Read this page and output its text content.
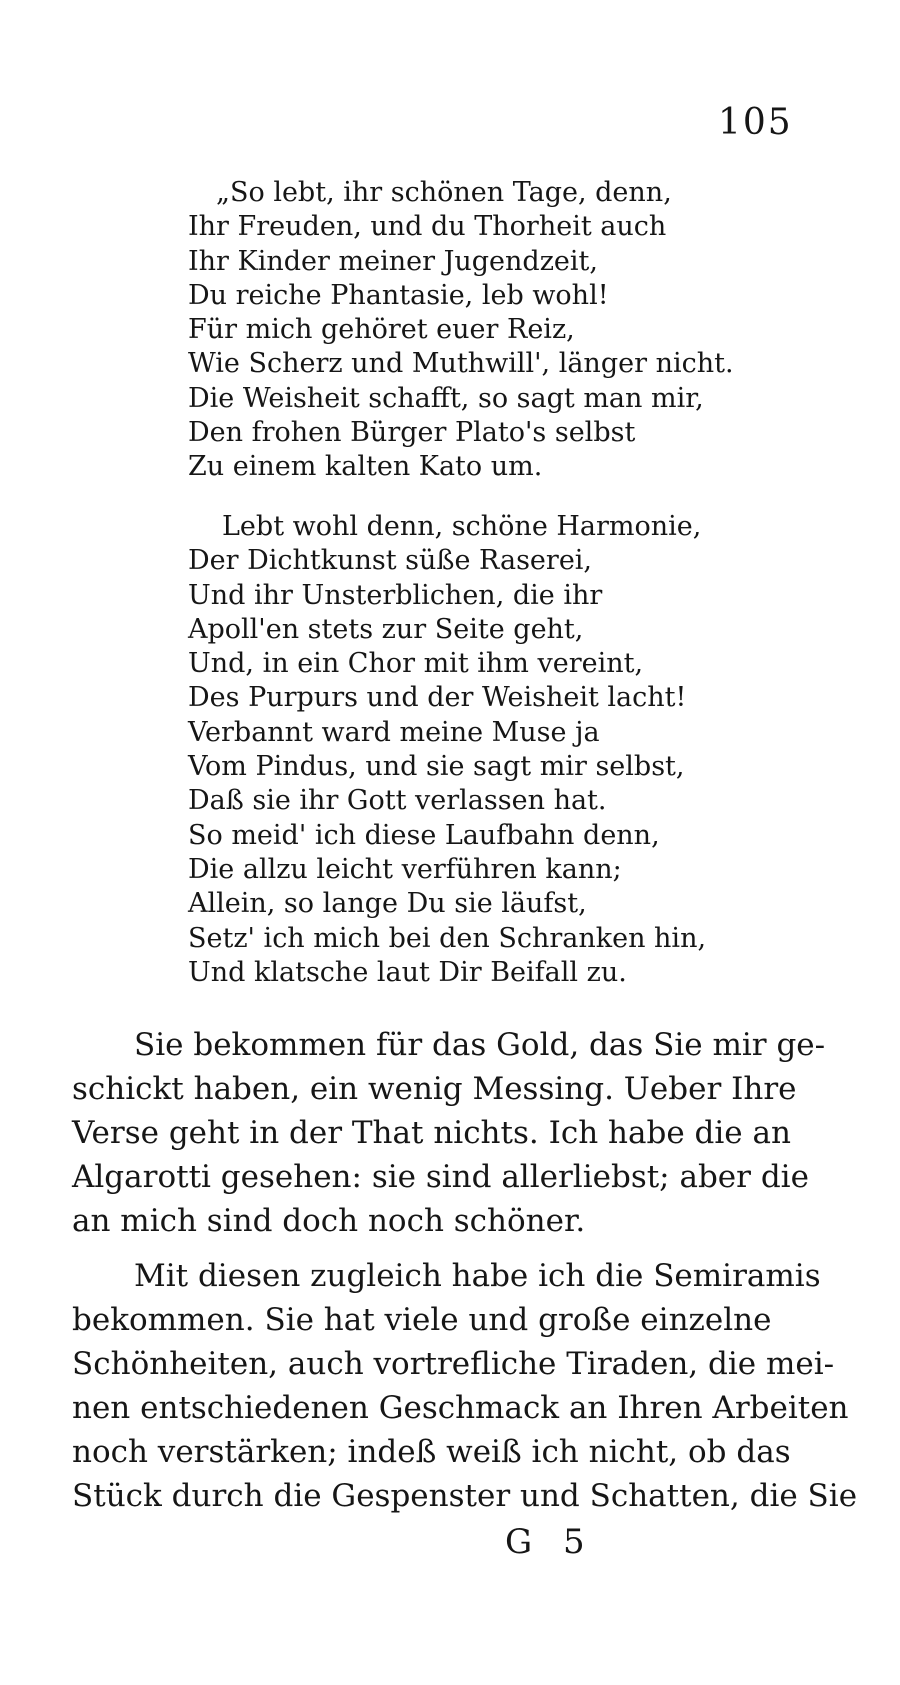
105
„So lebt, ihr schönen Tage, denn,
Ihr Freuden, und du Thorheit auch
Ihr Kinder meiner Jugendzeit,
Du reiche Phantasie, leb wohl!
Für mich gehöret euer Reiz,
Wie Scherz und Muthwill', länger nicht.
Die Weisheit schafft, so sagt man mir,
Den frohen Bürger Plato's selbst
Zu einem kalten Kato um.
Lebt wohl denn, schöne Harmonie,
Der Dichtkunst süße Raserei,
Und ihr Unsterblichen, die ihr
Apoll'en stets zur Seite geht,
Und, in ein Chor mit ihm vereint,
Des Purpurs und der Weisheit lacht!
Verbannt ward meine Muse ja
Vom Pindus, und sie sagt mir selbst,
Daß sie ihr Gott verlassen hat.
So meid' ich diese Laufbahn denn,
Die allzu leicht verführen kann;
Allein, so lange Du sie läufst,
Setz' ich mich bei den Schranken hin,
Und klatsche laut Dir Beifall zu.
Sie bekommen für das Gold, das Sie mir ge-
schickt haben, ein wenig Messing. Ueber Ihre
Verse geht in der That nichts. Ich habe die an
Algarotti gesehen: sie sind allerliebst; aber die
an mich sind doch noch schöner.
Mit diesen zugleich habe ich die Semiramis
bekommen. Sie hat viele und große einzelne
Schönheiten, auch vortrefliche Tiraden, die mei-
nen entschiedenen Geschmack an Ihren Arbeiten
noch verstärken; indeß weiß ich nicht, ob das
Stück durch die Gespenster und Schatten, die Sie
G 5
